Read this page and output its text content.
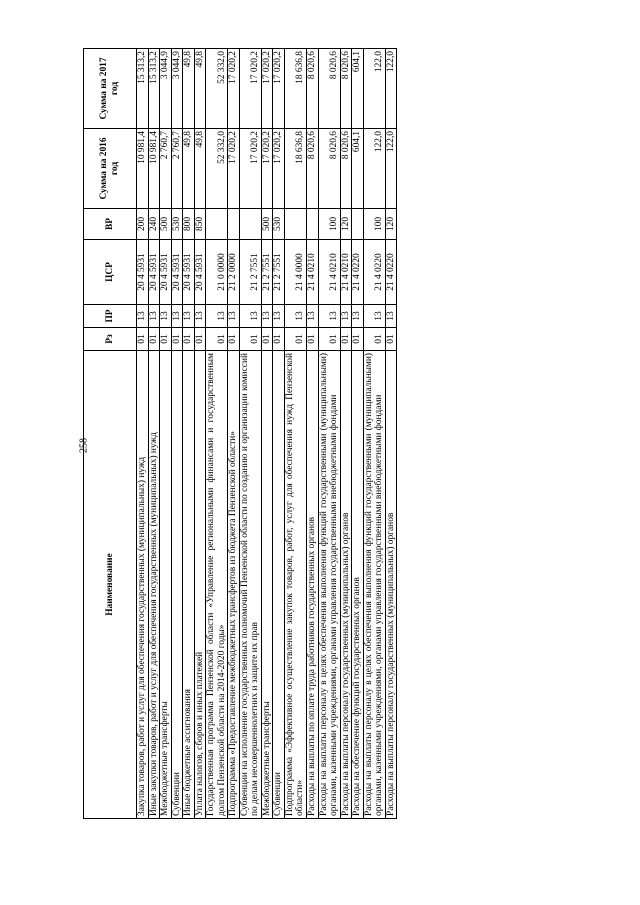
258
Наименование	Рз	ПР	ЦСР	ВР	Сумма на 2016 год	Сумма на 2017 год
Закупка товаров, работ и услуг для обеспечения государственных (муниципальных) нужд	01	13	20 4 5931	200	10 981,4	15 313,2
Иные закупки товаров, работ и услуг для обеспечения государственных (муниципальных) нужд	01	13	20 4 5931	240	10 981,4	15 313,2
Межбюджетные трансферты	01	13	20 4 5931	500	2 760,7	3 044,9
Субвенции	01	13	20 4 5931	530	2 760,7	3 044,9
Иные бюджетные ассигнования	01	13	20 4 5931	800	49,8	49,8
Уплата налогов, сборов и иных платежей	01	13	20 4 5931	850	49,8	49,8
Государственная программа Пензенской области «Управление региональными финансами и государственным долгом Пензенской области на 2014-2020 годы»	01	13	21 0 0000		52 332,0	52 332,0
Подпрограмма «Предоставление межбюджетных трансфертов из бюджета Пензенской области»	01	13	21 2 0000		17 020,2	17 020,2
Субвенции на исполнение государственных полномочий Пензенской области по созданию и организации комиссий по делам несовершеннолетних и защите их прав	01	13	21 2 7551		17 020,2	17 020,2
Межбюджетные трансферты	01	13	21 2 7551	500	17 020,2	17 020,2
Субвенции	01	13	21 2 7551	530	17 020,2	17 020,2
Подпрограмма «Эффективное осуществление закупок товаров, работ, услуг для обеспечения нужд Пензенской области»	01	13	21 4 0000		18 636,8	18 636,8
Расходы на выплаты по оплате труда работников государственных органов	01	13	21 4 0210		8 020,6	8 020,6
Расходы на выплаты персоналу в целях обеспечения выполнения функций государственными (муниципальными) органами, казенными учреждениями, органами управления государственными внебюджетными фондами	01	13	21 4 0210	100	8 020,6	8 020,6
Расходы на выплаты персоналу государственных (муниципальных) органов	01	13	21 4 0210	120	8 020,6	8 020,6
Расходы на обеспечение функций государственных органов	01	13	21 4 0220		604,1	604,1
Расходы на выплаты персоналу в целях обеспечения выполнения функций государственными (муниципальными) органами, казенными учреждениями, органами управления государственными внебюджетными фондами	01	13	21 4 0220	100	122,0	122,0
Расходы на выплаты персоналу государственных (муниципальных) органов	01	13	21 4 0220	120	122,0	122,0
